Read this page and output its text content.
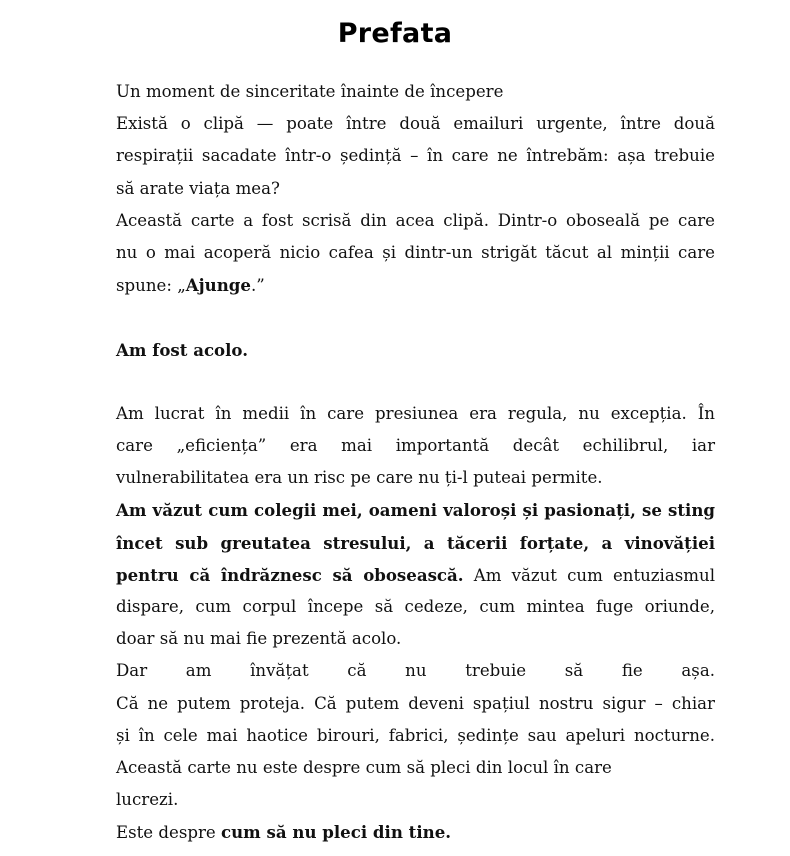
Prefata
Un moment de sinceritate înainte de începere
Există o clipă — poate între două emailuri urgente, între două
respirații sacadate într-o ședință – în care ne întrebăm: așa trebuie
să arate viața mea?
Această carte a fost scrisă din acea clipă. Dintr-o oboseală pe care
nu o mai acoperă nicio cafea și dintr-un strigăt tăcut al minții care
spune: „Ajunge.”
Am fost acolo.
Am lucrat în medii în care presiunea era regula, nu excepția. În
care „eficiența” era mai importantă decât echilibrul, iar
vulnerabilitatea era un risc pe care nu ți-l puteai permite.
Am văzut cum colegii mei, oameni valoroși și pasionați, se sting
încet sub greutatea stresului, a tăcerii forțate, a vinovăției
pentru că îndrăznesc să obosească. Am văzut cum entuziasmul
dispare, cum corpul începe să cedeze, cum mintea fuge oriunde,
doar să nu mai fie prezentă acolo.
Dar am învățat că nu trebuie să fie așa.
Că ne putem proteja. Că putem deveni spațiul nostru sigur – chiar
și în cele mai haotice birouri, fabrici, ședințe sau apeluri nocturne.
Această carte nu este despre cum să pleci din locul în care
lucrezi.
Este despre cum să nu pleci din tine.
